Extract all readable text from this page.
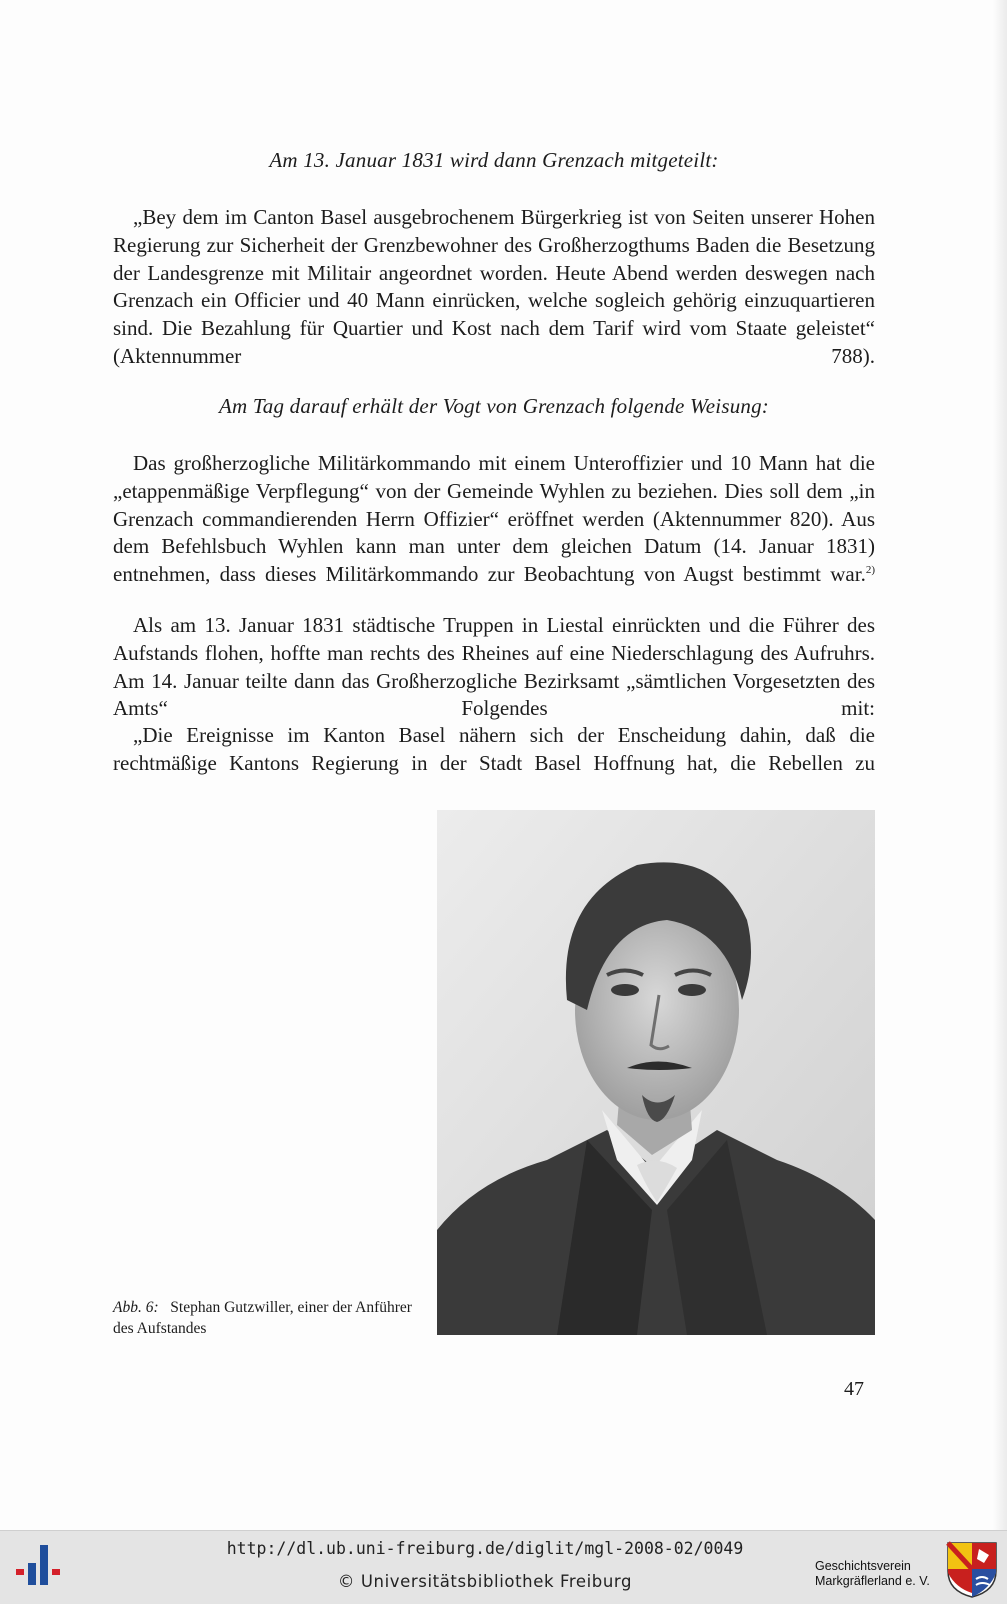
Am 13. Januar 1831 wird dann Grenzach mitgeteilt:

„Bey dem im Canton Basel ausgebrochenem Bürgerkrieg ist von Seiten unserer Hohen Regierung zur Sicherheit der Grenzbewohner des Großherzogthums Baden die Besetzung der Landesgrenze mit Militair angeordnet worden. Heute Abend werden deswegen nach Grenzach ein Officier und 40 Mann einrücken, welche sogleich gehörig einzuquartieren sind. Die Bezahlung für Quartier und Kost nach dem Tarif wird vom Staate geleistet“ (Aktennummer 788).

Am Tag darauf erhält der Vogt von Grenzach folgende Weisung:

Das großherzogliche Militärkommando mit einem Unteroffizier und 10 Mann hat die „etappenmäßige Verpflegung“ von der Gemeinde Wyhlen zu beziehen. Dies soll dem „in Grenzach commandierenden Herrn Offizier“ eröffnet werden (Aktennummer 820). Aus dem Befehlsbuch Wyhlen kann man unter dem gleichen Datum (14. Januar 1831) entnehmen, dass dieses Militärkommando zur Beobachtung von Augst bestimmt war.$^{2)}$

Als am 13. Januar 1831 städtische Truppen in Liestal einrückten und die Führer des Aufstands flohen, hoffte man rechts des Rheines auf eine Niederschlagung des Aufruhrs. Am 14. Januar teilte dann das Großherzogliche Bezirksamt „sämtlichen Vorgesetzten des Amts“ Folgendes mit:

„Die Ereignisse im Kanton Basel nähern sich der Enscheidung dahin, daß die rechtmäßige Kantons Regierung in der Stadt Basel Hoffnung hat, die Rebellen zu

Abb. 6: Stephan Gutzwiller, einer der Anführer des Aufstandes

47

http://dl.ub.uni-freiburg.de/diglit/mgl-2008-02/0049
© Universitätsbibliothek Freiburg
Geschichtsverein
Markgräflerland e. V.
